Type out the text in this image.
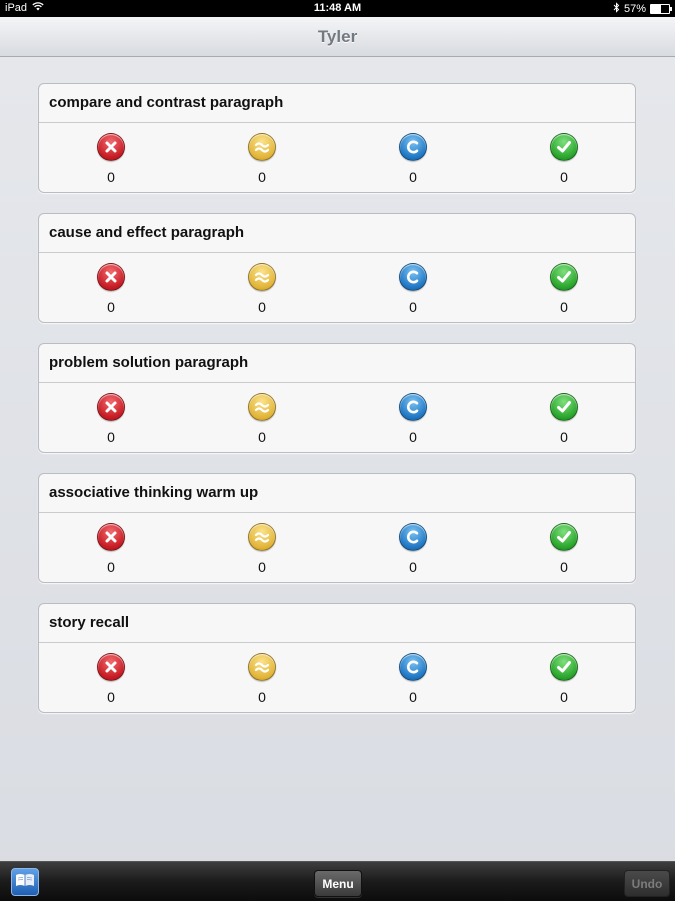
iPad	11:48 AM	57%
Tyler
compare and contrast paragraph
0	0	0	0
cause and effect paragraph
0	0	0	0
problem solution paragraph
0	0	0	0
associative thinking warm up
0	0	0	0
story recall
0	0	0	0
Menu	Undo
